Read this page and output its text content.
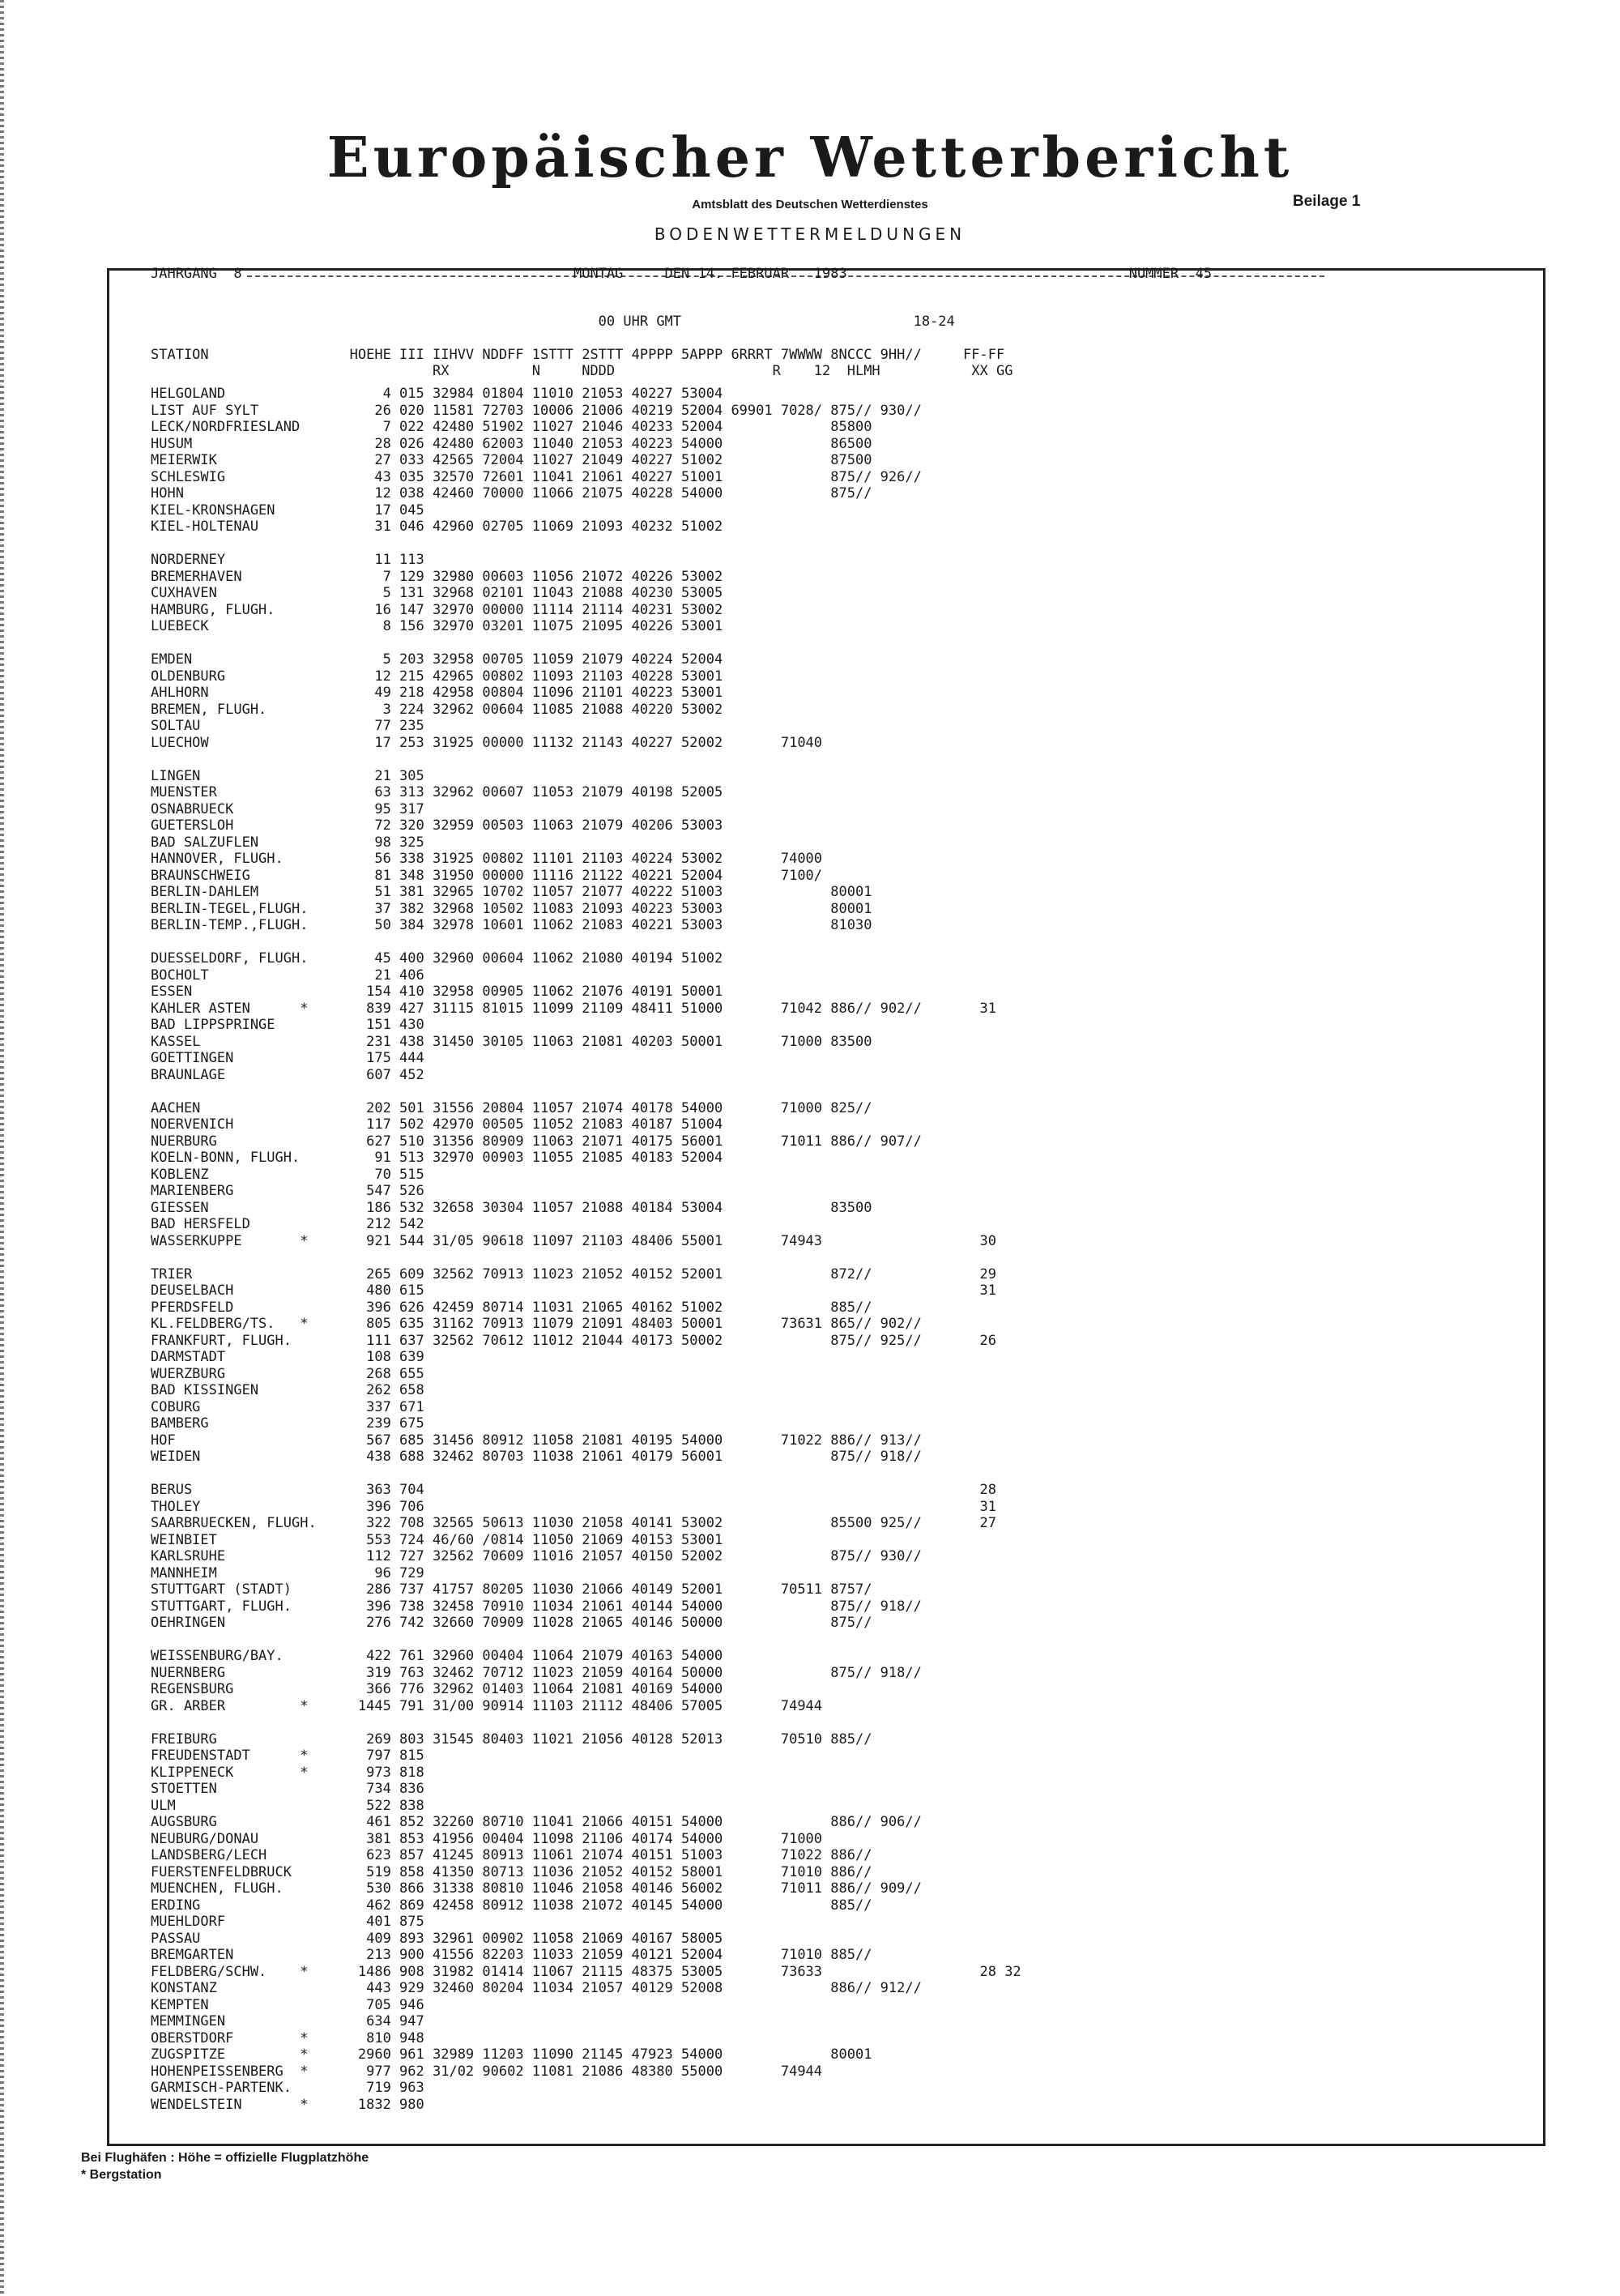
Europäischer Wetterbericht
Amtsblatt des Deutschen Wetterdienstes	Beilage 1
BODENWETTERMELDUNGEN
JAHRGANG  8                                        MONTAG     DEN 14. FEBRUAR   1983                                  NUMMER  45
00 UHR GMT                            18-24
STATION                 HOEHE III IIHVV NDDFF 1STTT 2STTT 4PPPP 5APPP 6RRRT 7WWWW 8NCCC 9HH//     FF-FF
RX          N     NDDD                   R    12  HLMH           XX GG
HELGOLAND                   4 015 32984 01804 11010 21053 40227 53004
LIST AUF SYLT              26 020 11581 72703 10006 21006 40219 52004 69901 7028/ 875// 930//
LECK/NORDFRIESLAND          7 022 42480 51902 11027 21046 40233 52004             85800
HUSUM                      28 026 42480 62003 11040 21053 40223 54000             86500
MEIERWIK                   27 033 42565 72004 11027 21049 40227 51002             87500
SCHLESWIG                  43 035 32570 72601 11041 21061 40227 51001             875// 926//
HOHN                       12 038 42460 70000 11066 21075 40228 54000             875//
KIEL-KRONSHAGEN            17 045
KIEL-HOLTENAU              31 046 42960 02705 11069 21093 40232 51002
NORDERNEY                  11 113
BREMERHAVEN                 7 129 32980 00603 11056 21072 40226 53002
CUXHAVEN                    5 131 32968 02101 11043 21088 40230 53005
HAMBURG, FLUGH.            16 147 32970 00000 11114 21114 40231 53002
LUEBECK                     8 156 32970 03201 11075 21095 40226 53001
EMDEN                       5 203 32958 00705 11059 21079 40224 52004
OLDENBURG                  12 215 42965 00802 11093 21103 40228 53001
AHLHORN                    49 218 42958 00804 11096 21101 40223 53001
BREMEN, FLUGH.              3 224 32962 00604 11085 21088 40220 53002
SOLTAU                     77 235
LUECHOW                    17 253 31925 00000 11132 21143 40227 52002       71040
LINGEN                     21 305
MUENSTER                   63 313 32962 00607 11053 21079 40198 52005
OSNABRUECK                 95 317
GUETERSLOH                 72 320 32959 00503 11063 21079 40206 53003
BAD SALZUFLEN              98 325
HANNOVER, FLUGH.           56 338 31925 00802 11101 21103 40224 53002       74000
BRAUNSCHWEIG               81 348 31950 00000 11116 21122 40221 52004       7100/
BERLIN-DAHLEM              51 381 32965 10702 11057 21077 40222 51003             80001
BERLIN-TEGEL,FLUGH.        37 382 32968 10502 11083 21093 40223 53003             80001
BERLIN-TEMP.,FLUGH.        50 384 32978 10601 11062 21083 40221 53003             81030
DUESSELDORF, FLUGH.        45 400 32960 00604 11062 21080 40194 51002
BOCHOLT                    21 406
ESSEN                     154 410 32958 00905 11062 21076 40191 50001
KAHLER ASTEN      *       839 427 31115 81015 11099 21109 48411 51000       71042 886// 902//       31
BAD LIPPSPRINGE           151 430
KASSEL                    231 438 31450 30105 11063 21081 40203 50001       71000 83500
GOETTINGEN                175 444
BRAUNLAGE                 607 452
AACHEN                    202 501 31556 20804 11057 21074 40178 54000       71000 825//
NOERVENICH                117 502 42970 00505 11052 21083 40187 51004
NUERBURG                  627 510 31356 80909 11063 21071 40175 56001       71011 886// 907//
KOELN-BONN, FLUGH.         91 513 32970 00903 11055 21085 40183 52004
KOBLENZ                    70 515
MARIENBERG                547 526
GIESSEN                   186 532 32658 30304 11057 21088 40184 53004             83500
BAD HERSFELD              212 542
WASSERKUPPE       *       921 544 31/05 90618 11097 21103 48406 55001       74943                   30
TRIER                     265 609 32562 70913 11023 21052 40152 52001             872//             29
DEUSELBACH                480 615                                                                   31
PFERDSFELD                396 626 42459 80714 11031 21065 40162 51002             885//
KL.FELDBERG/TS.   *       805 635 31162 70913 11079 21091 48403 50001       73631 865// 902//
FRANKFURT, FLUGH.         111 637 32562 70612 11012 21044 40173 50002             875// 925//       26
DARMSTADT                 108 639
WUERZBURG                 268 655
BAD KISSINGEN             262 658
COBURG                    337 671
BAMBERG                   239 675
HOF                       567 685 31456 80912 11058 21081 40195 54000       71022 886// 913//
WEIDEN                    438 688 32462 80703 11038 21061 40179 56001             875// 918//
BERUS                     363 704                                                                   28
THOLEY                    396 706                                                                   31
SAARBRUECKEN, FLUGH.      322 708 32565 50613 11030 21058 40141 53002             85500 925//       27
WEINBIET                  553 724 46/60 /0814 11050 21069 40153 53001
KARLSRUHE                 112 727 32562 70609 11016 21057 40150 52002             875// 930//
MANNHEIM                   96 729
STUTTGART (STADT)         286 737 41757 80205 11030 21066 40149 52001       70511 8757/
STUTTGART, FLUGH.         396 738 32458 70910 11034 21061 40144 54000             875// 918//
OEHRINGEN                 276 742 32660 70909 11028 21065 40146 50000             875//
WEISSENBURG/BAY.          422 761 32960 00404 11064 21079 40163 54000
NUERNBERG                 319 763 32462 70712 11023 21059 40164 50000             875// 918//
REGENSBURG                366 776 32962 01403 11064 21081 40169 54000
GR. ARBER         *      1445 791 31/00 90914 11103 21112 48406 57005       74944
FREIBURG                  269 803 31545 80403 11021 21056 40128 52013       70510 885//
FREUDENSTADT      *       797 815
KLIPPENECK        *       973 818
STOETTEN                  734 836
ULM                       522 838
AUGSBURG                  461 852 32260 80710 11041 21066 40151 54000             886// 906//
NEUBURG/DONAU             381 853 41956 00404 11098 21106 40174 54000       71000
LANDSBERG/LECH            623 857 41245 80913 11061 21074 40151 51003       71022 886//
FUERSTENFELDBRUCK         519 858 41350 80713 11036 21052 40152 58001       71010 886//
MUENCHEN, FLUGH.          530 866 31338 80810 11046 21058 40146 56002       71011 886// 909//
ERDING                    462 869 42458 80912 11038 21072 40145 54000             885//
MUEHLDORF                 401 875
PASSAU                    409 893 32961 00902 11058 21069 40167 58005
BREMGARTEN                213 900 41556 82203 11033 21059 40121 52004       71010 885//
FELDBERG/SCHW.    *      1486 908 31982 01414 11067 21115 48375 53005       73633                   28 32
KONSTANZ                  443 929 32460 80204 11034 21057 40129 52008             886// 912//
KEMPTEN                   705 946
MEMMINGEN                 634 947
OBERSTDORF        *       810 948
ZUGSPITZE         *      2960 961 32989 11203 11090 21145 47923 54000             80001
HOHENPEISSENBERG  *       977 962 31/02 90602 11081 21086 48380 55000       74944
GARMISCH-PARTENK.         719 963
WENDELSTEIN       *      1832 980
Bei Flughäfen : Höhe = offizielle Flugplatzhöhe
* Bergstation
